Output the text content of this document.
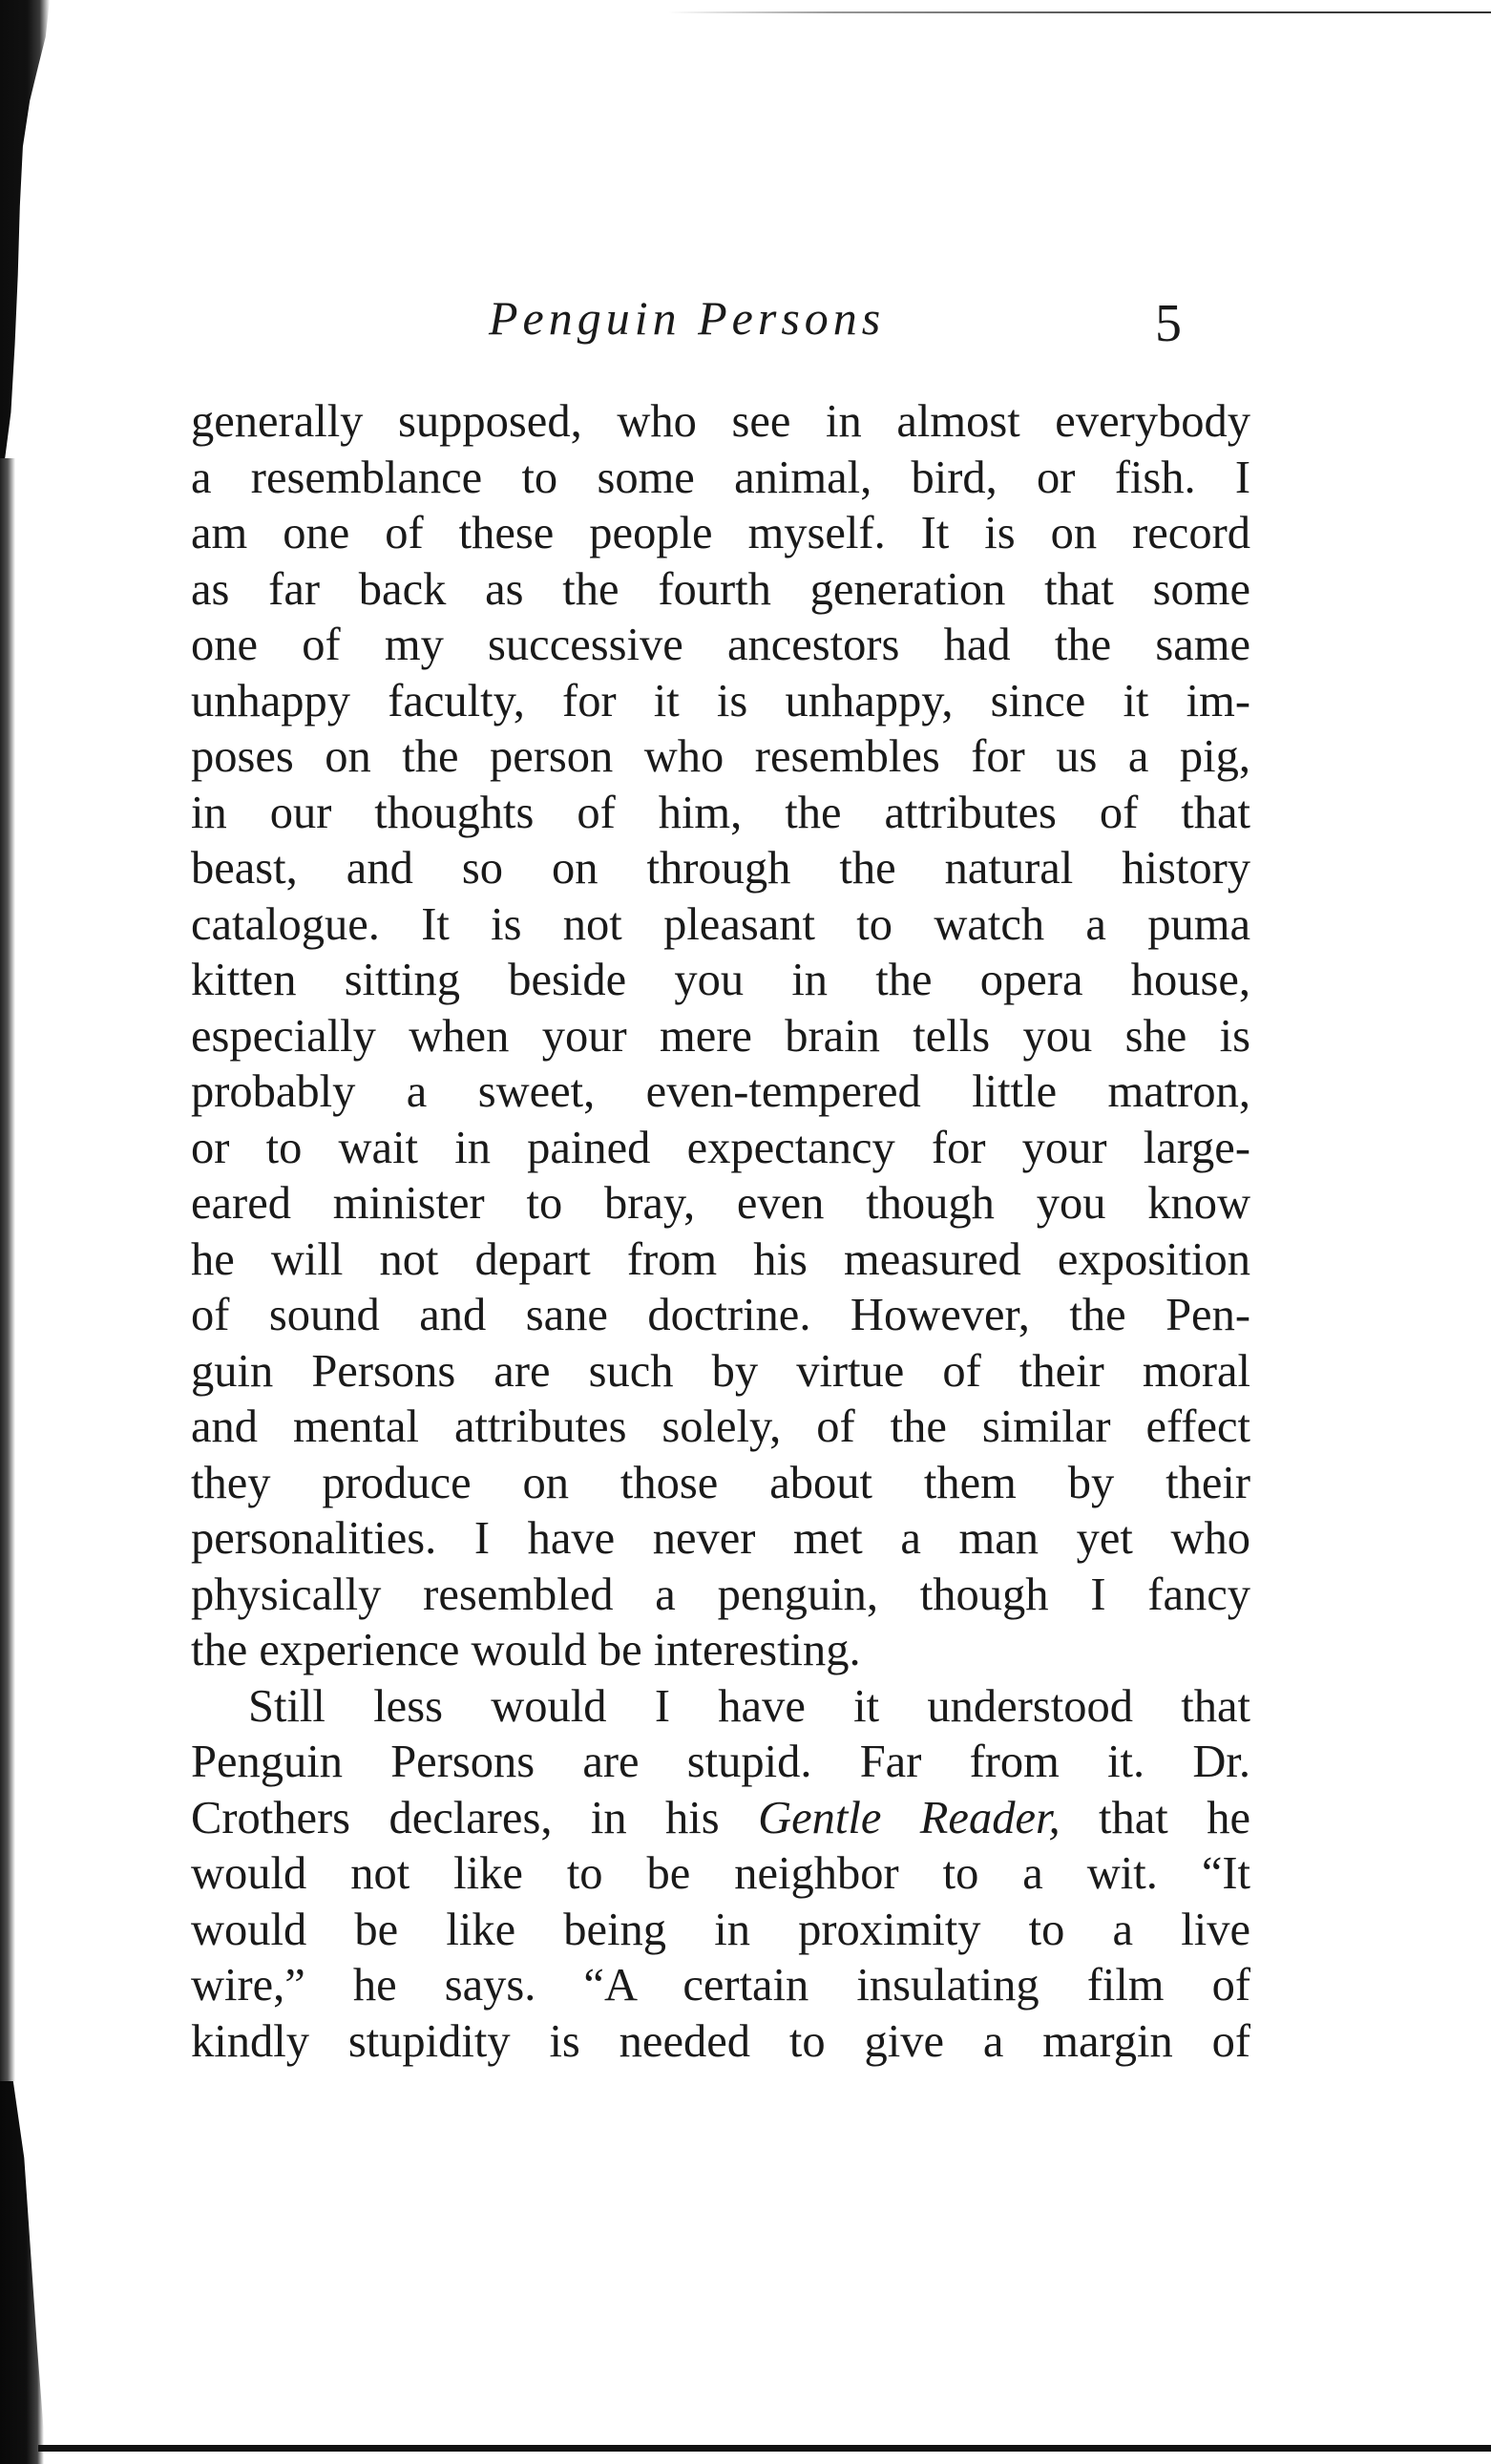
Penguin Persons	5
generally supposed, who see in almost everybody
a resemblance to some animal, bird, or fish. I
am one of these people myself. It is on record
as far back as the fourth generation that some
one of my successive ancestors had the same
unhappy faculty, for it is unhappy, since it im-
poses on the person who resembles for us a pig,
in our thoughts of him, the attributes of that
beast, and so on through the natural history
catalogue. It is not pleasant to watch a puma
kitten sitting beside you in the opera house,
especially when your mere brain tells you she is
probably a sweet, even-tempered little matron,
or to wait in pained expectancy for your large-
eared minister to bray, even though you know
he will not depart from his measured exposition
of sound and sane doctrine. However, the Pen-
guin Persons are such by virtue of their moral
and mental attributes solely, of the similar effect
they produce on those about them by their
personalities. I have never met a man yet who
physically resembled a penguin, though I fancy
the experience would be interesting.
Still less would I have it understood that
Penguin Persons are stupid. Far from it. Dr.
Crothers declares, in his Gentle Reader, that he
would not like to be neighbor to a wit. “It
would be like being in proximity to a live
wire,” he says. “A certain insulating film of
kindly stupidity is needed to give a margin of
